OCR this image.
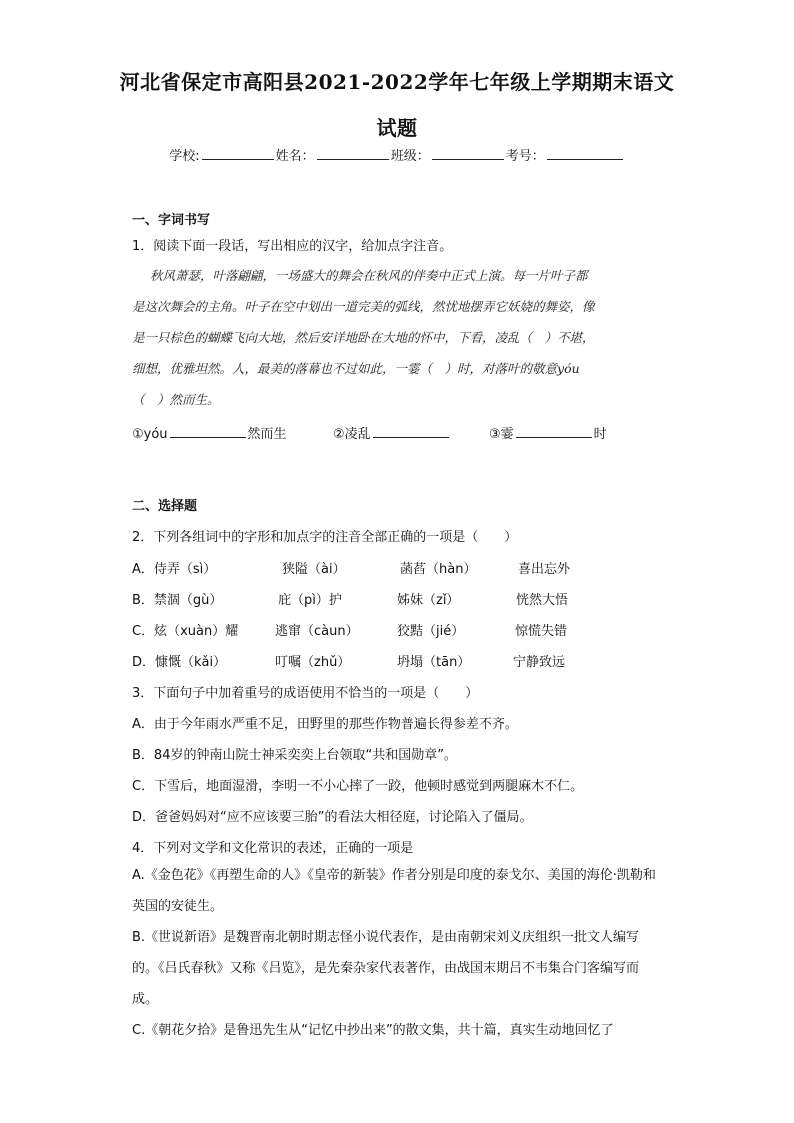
河北省保定市高阳县2021-2022学年七年级上学期期末语文
试题
学校:	姓名：	班级：	考号：
一、字词书写
1．阅读下面一段话，写出相应的汉字，给加点字注音。
秋风萧瑟，叶落翩翩，一场盛大的舞会在秋风的伴奏中正式上演。每一片叶子都
是这次舞会的主角。叶子在空中划出一道完美的弧线，然忧地摆弄它妖娆的舞姿，像
是一只棕色的蝴蝶飞向大地，然后安详地卧在大地的怀中，下看，凌乱（　）不堪，
细想，优雅坦然。人，最美的落幕也不过如此，一霎（　）时，对落叶的敬意yóu
（　）然而生。
①yóu	然而生	②凌乱	③霎	时
二、选择题
2．下列各组词中的字形和加点字的注音全部正确的一项是（　　）
A．侍弄（sì）	狭隘（ài）	菡萏（hàn）	喜出忘外
B．禁涸（gù）	庇（pì）护	姊妹（zǐ）	恍然大悟
C．炫（xuàn）耀	逃窜（càun）	狡黠（jié）	惊慌失错
D．慷慨（kǎi）	叮嘱（zhǔ）	坍塌（tān）	宁静致远
3．下面句子中加着重号的成语使用不恰当的一项是（　　）
A．由于今年雨水严重不足，田野里的那些作物普遍长得参差不齐。
B．84岁的钟南山院士神采奕奕上台领取“共和国勋章”。
C．下雪后，地面湿滑，李明一不小心摔了一跤，他顿时感觉到两腿麻木不仁。
D．爸爸妈妈对“应不应该要三胎”的看法大相径庭，讨论陷入了僵局。
4．下列对文学和文化常识的表述，正确的一项是
A.《金色花》《再塑生命的人》《皇帝的新装》作者分别是印度的泰戈尔、美国的海伦·凯勒和英国的安徒生。
B.《世说新语》是魏晋南北朝时期志怪小说代表作，是由南朝宋刘义庆组织一批文人编写的。《吕氏春秋》又称《吕览》，是先秦杂家代表著作，由战国末期吕不韦集合门客编写而成。
C.《朝花夕拾》是鲁迅先生从“记忆中抄出来”的散文集，共十篇，真实生动地回忆了
